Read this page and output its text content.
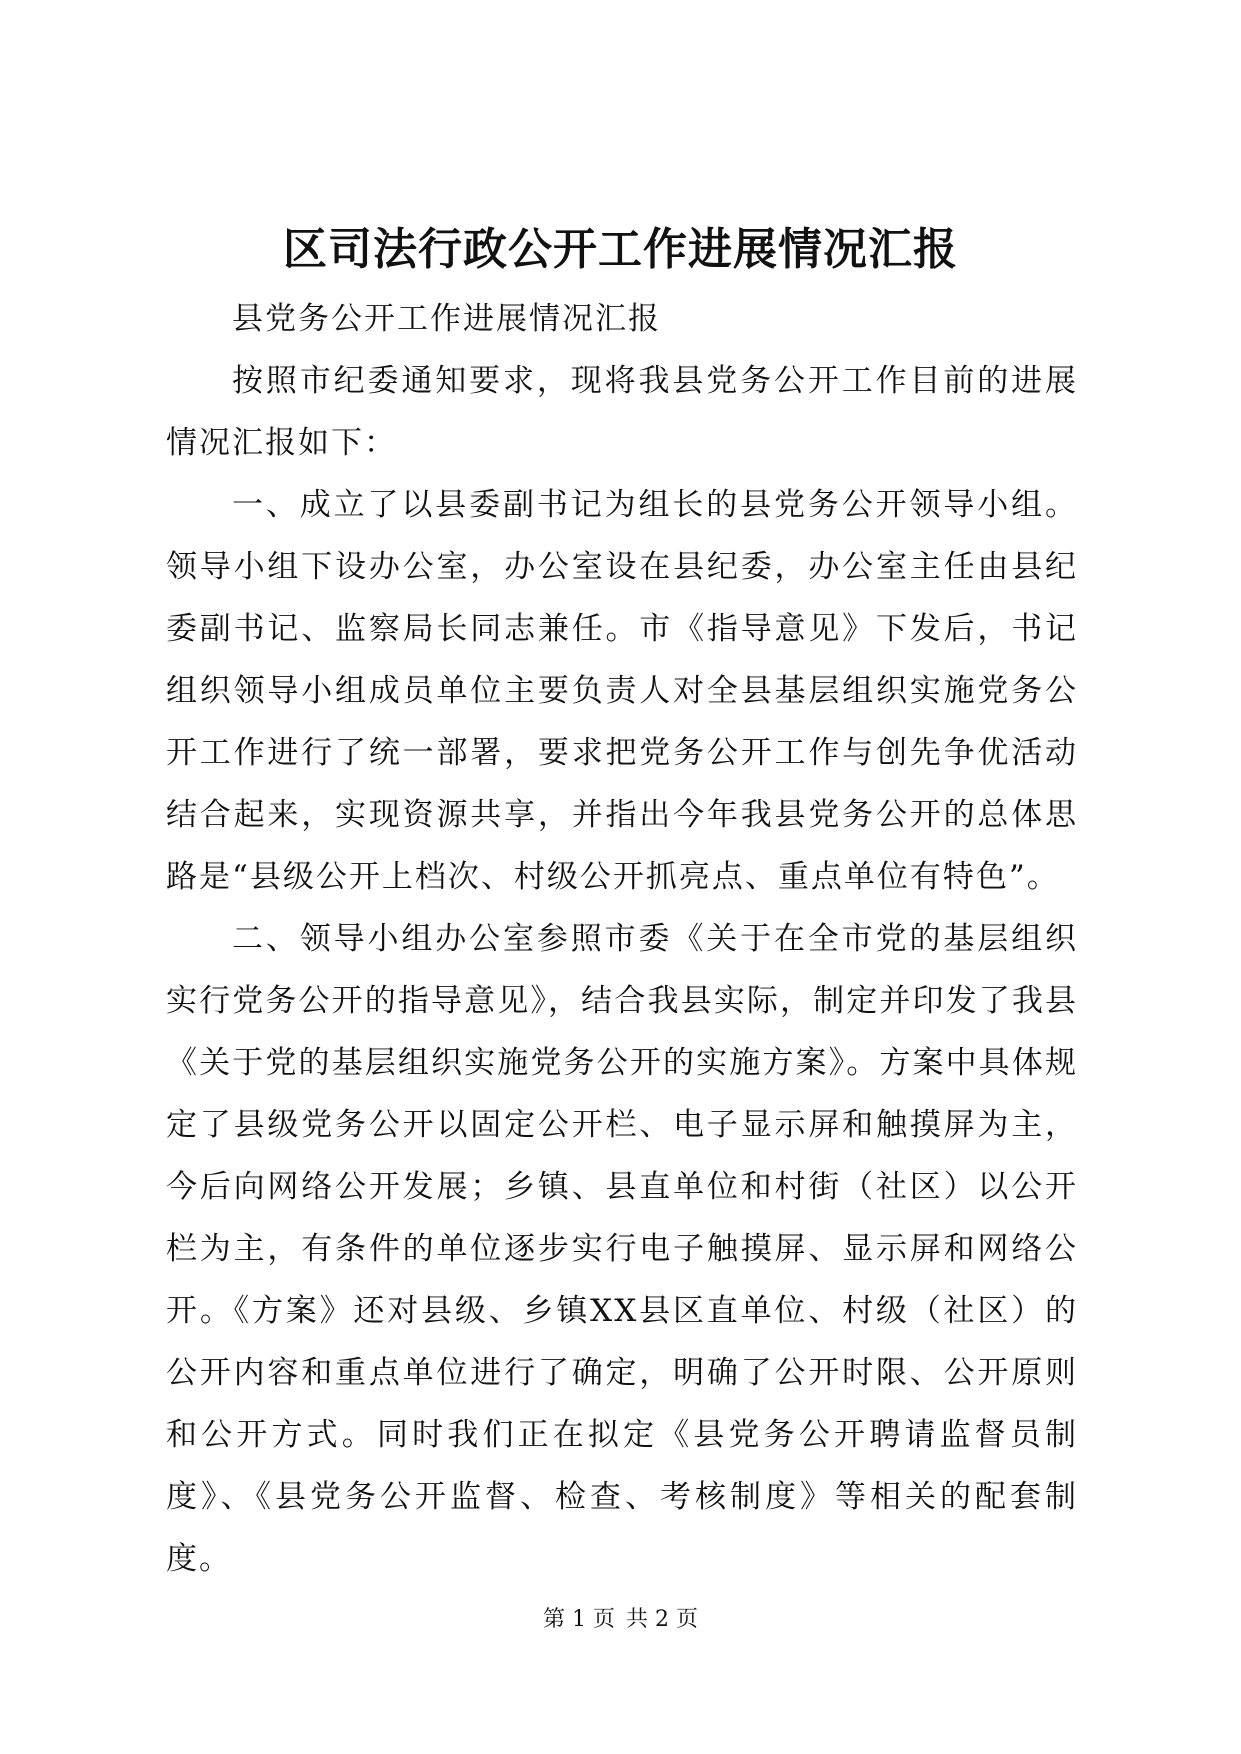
区司法行政公开工作进展情况汇报

县党务公开工作进展情况汇报

按照市纪委通知要求，现将我县党务公开工作目前的进展情况汇报如下：

一、成立了以县委副书记为组长的县党务公开领导小组。领导小组下设办公室，办公室设在县纪委，办公室主任由县纪委副书记、监察局长同志兼任。市《指导意见》下发后，书记组织领导小组成员单位主要负责人对全县基层组织实施党务公开工作进行了统一部署，要求把党务公开工作与创先争优活动结合起来，实现资源共享，并指出今年我县党务公开的总体思路是“县级公开上档次、村级公开抓亮点、重点单位有特色”。

二、领导小组办公室参照市委《关于在全市党的基层组织实行党务公开的指导意见》，结合我县实际，制定并印发了我县《关于党的基层组织实施党务公开的实施方案》。方案中具体规定了县级党务公开以固定公开栏、电子显示屏和触摸屏为主，今后向网络公开发展；乡镇、县直单位和村街（社区）以公开栏为主，有条件的单位逐步实行电子触摸屏、显示屏和网络公开。《方案》还对县级、乡镇XX县区直单位、村级（社区）的公开内容和重点单位进行了确定，明确了公开时限、公开原则和公开方式。同时我们正在拟定《县党务公开聘请监督员制度》、《县党务公开监督、检查、考核制度》等相关的配套制度。

第 1 页 共 2 页
